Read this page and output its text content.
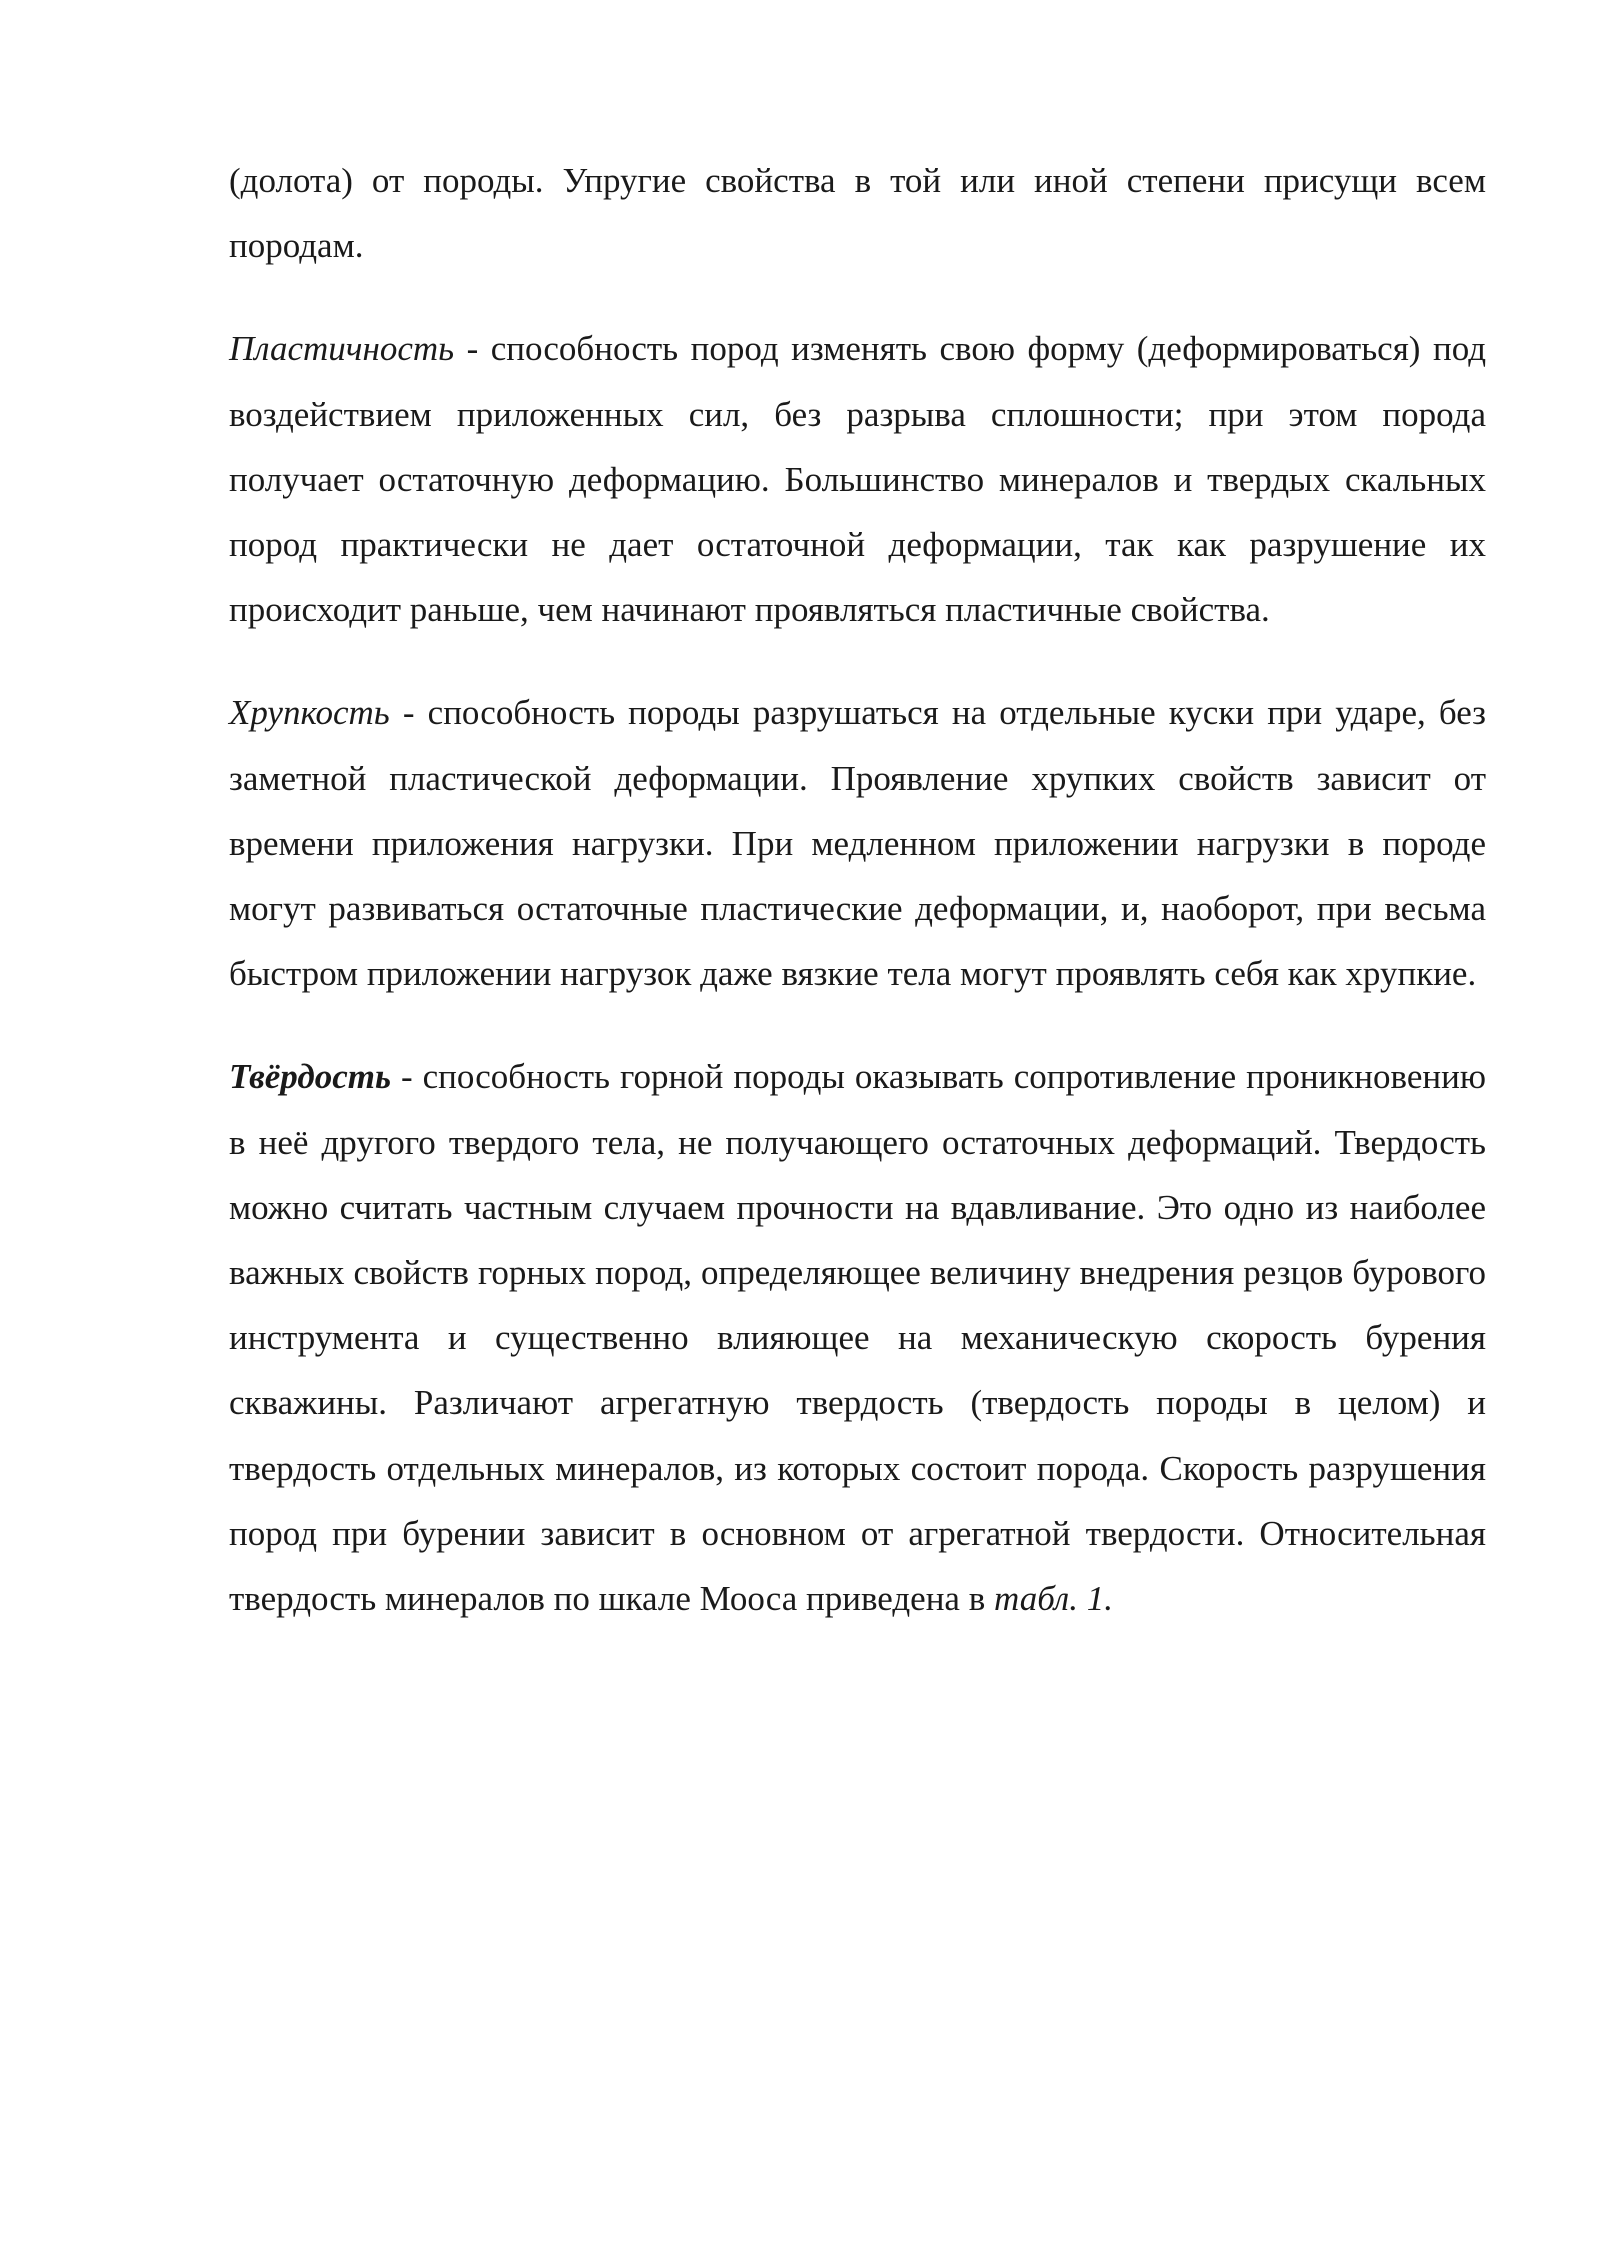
(долота) от породы. Упругие свойства в той или иной степени присущи всем породам.

Пластичность - способность пород изменять свою форму (деформироваться) под воздействием приложенных сил, без разрыва сплошности; при этом порода получает остаточную деформацию. Большинство минералов и твердых скальных пород практически не дает остаточной деформации, так как разрушение их происходит раньше, чем начинают проявляться пластичные свойства.

Хрупкость - способность породы разрушаться на отдельные куски при ударе, без заметной пластической деформации. Проявление хрупких свойств зависит от времени приложения нагрузки. При медленном приложении нагрузки в породе могут развиваться остаточные пластические деформации, и, наоборот, при весьма быстром приложении нагрузок даже вязкие тела могут проявлять себя как хрупкие.

Твёрдость - способность горной породы оказывать сопротивление проникновению в неё другого твердого тела, не получающего остаточных деформаций. Твердость можно считать частным случаем прочности на вдавливание. Это одно из наиболее важных свойств горных пород, определяющее величину внедрения резцов бурового инструмента и существенно влияющее на механическую скорость бурения скважины. Различают агрегатную твердость (твердость породы в целом) и твердость отдельных минералов, из которых состоит порода. Скорость разрушения пород при бурении зависит в основном от агрегатной твердости. Относительная твердость минералов по шкале Мооса приведена в табл. 1.
